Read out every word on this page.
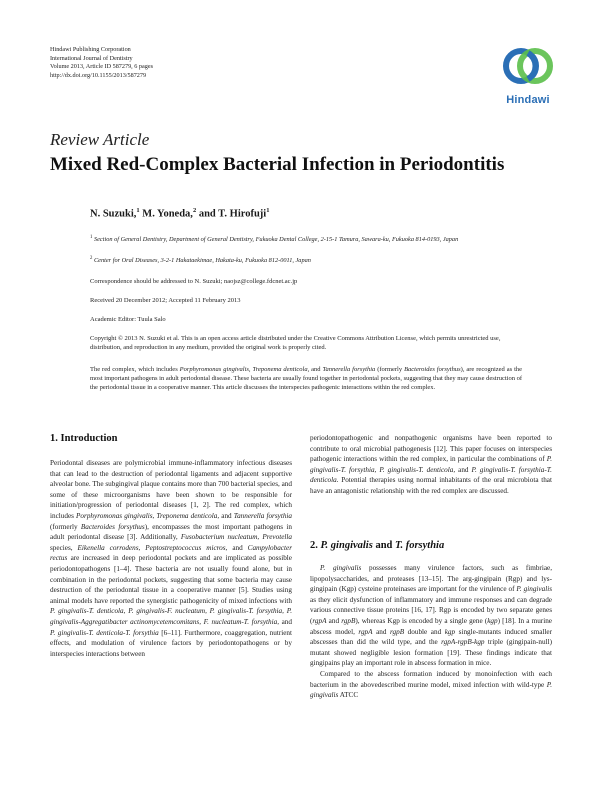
Hindawi Publishing Corporation
International Journal of Dentistry
Volume 2013, Article ID 587279, 6 pages
http://dx.doi.org/10.1155/2013/587279
Hindawi
Review Article
Mixed Red-Complex Bacterial Infection in Periodontitis
N. Suzuki,$^1$ M. Yoneda,$^2$ and T. Hirofuji$^1$
$^1$ Section of General Dentistry, Department of General Dentistry, Fukuoka Dental College, 2-15-1 Tamura, Sawara-ku, Fukuoka 814-0193, Japan
$^2$ Center for Oral Diseases, 3-2-1 Hakataekimae, Hakata-ku, Fukuoka 812-0011, Japan
Correspondence should be addressed to N. Suzuki; naojsz@college.fdcnet.ac.jp
Received 20 December 2012; Accepted 11 February 2013
Academic Editor: Tuula Salo
Copyright © 2013 N. Suzuki et al. This is an open access article distributed under the Creative Commons Attribution License, which permits unrestricted use, distribution, and reproduction in any medium, provided the original work is properly cited.
The red complex, which includes Porphyromonas gingivalis, Treponema denticola, and Tannerella forsythia (formerly Bacteroides forsythus), are recognized as the most important pathogens in adult periodontal disease. These bacteria are usually found together in periodontal pockets, suggesting that they may cause destruction of the periodontal tissue in a cooperative manner. This article discusses the interspecies pathogenic interactions within the red complex.
1. Introduction

Periodontal diseases are polymicrobial immune-inflammatory infectious diseases that can lead to the destruction of periodontal ligaments and adjacent supportive alveolar bone. The subgingival plaque contains more than 700 bacterial species, and some of these microorganisms have been shown to be responsible for initiation/progression of periodontal diseases [1, 2]. The red complex, which includes Porphyromonas gingivalis, Treponema denticola, and Tannerella forsythia (formerly Bacteroides forsythus), encompasses the most important pathogens in adult periodontal disease [3]. Additionally, Fusobacterium nucleatum, Prevotella species, Eikenella corrodens, Peptostreptococcus micros, and Campylobacter rectus are increased in deep periodontal pockets and are implicated as possible periodontopathogens [1–4]. These bacteria are not usually found alone, but in combination in the periodontal pockets, suggesting that some bacteria may cause destruction of the periodontal tissue in a cooperative manner [5]. Studies using animal models have reported the synergistic pathogenicity of mixed infections with P. gingivalis-T. denticola, P. gingivalis-F. nucleatum, P. gingivalis-T. forsythia, P. gingivalis-Aggregatibacter actinomycetemcomitans, F. nucleatum-T. forsythia, and P. gingivalis-T. denticola-T. forsythia [6–11]. Furthermore, coaggregation, nutrient effects, and modulation of virulence factors by periodontopathogens or by interspecies interactions between

periodontopathogenic and nonpathogenic organisms have been reported to contribute to oral microbial pathogenesis [12]. This paper focuses on interspecies pathogenic interactions within the red complex, in particular the combinations of P. gingivalis-T. forsythia, P. gingivalis-T. denticola, and P. gingivalis-T. forsythia-T. denticola. Potential therapies using normal inhabitants of the oral microbiota that have an antagonistic relationship with the red complex are discussed.

2. P. gingivalis and T. forsythia

P. gingivalis possesses many virulence factors, such as fimbriae, lipopolysaccharides, and proteases [13–15]. The arg-gingipain (Rgp) and lys-gingipain (Kgp) cysteine proteinases are important for the virulence of P. gingivalis as they elicit dysfunction of inflammatory and immune responses and can degrade various connective tissue proteins [16, 17]. Rgp is encoded by two separate genes (rgpA and rgpB), whereas Kgp is encoded by a single gene (kgp) [18]. In a murine abscess model, rgpA and rgpB double and kgp single-mutants induced smaller abscesses than did the wild type, and the rgpA-rgpB-kgp triple (gingipain-null) mutant showed negligible lesion formation [19]. These findings indicate that gingipains play an important role in abscess formation in mice.

Compared to the abscess formation induced by monoinfection with each bacterium in the abovedescribed murine model, mixed infection with wild-type P. gingivalis ATCC
